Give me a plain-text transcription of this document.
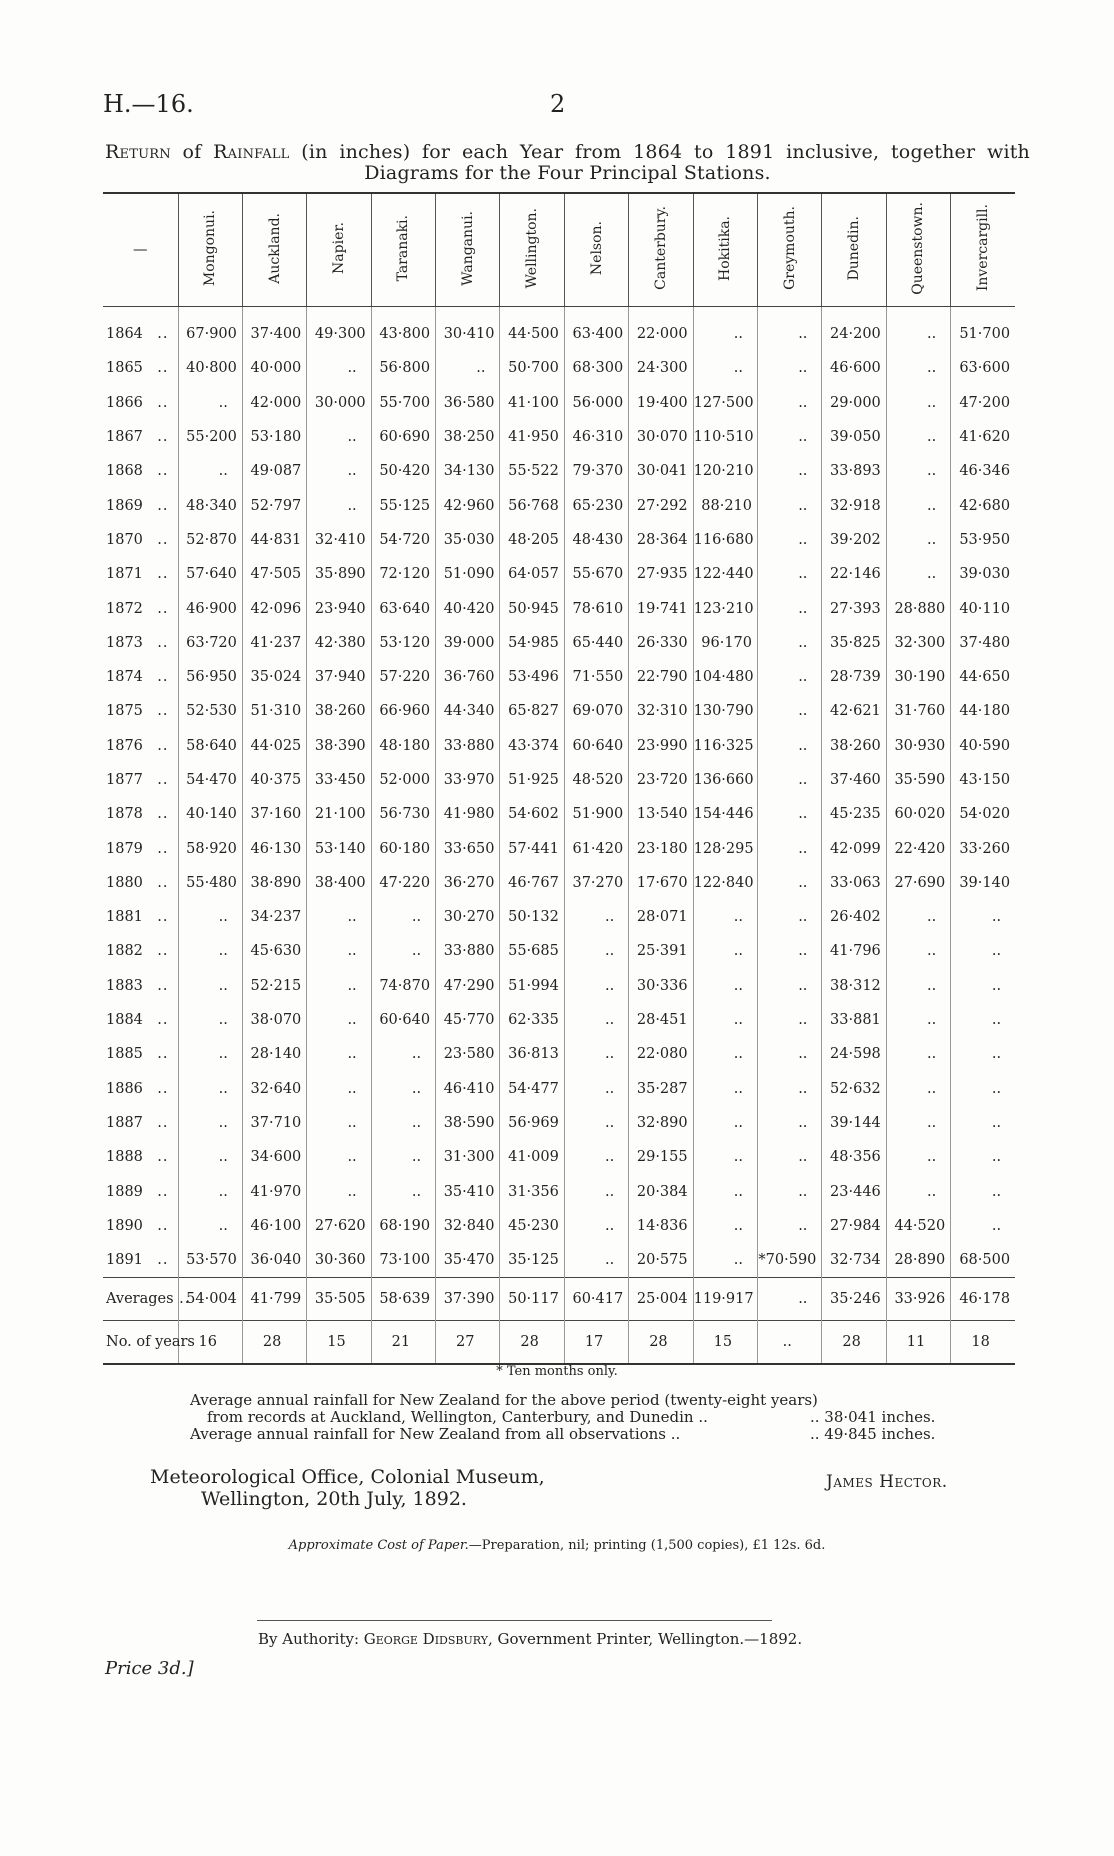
H.—16.	2
Return of Rainfall (in inches) for each Year from 1864 to 1891 inclusive, together with Diagrams for the Four Principal Stations.
—	Mongonui.	Auckland.	Napier.	Taranaki.	Wanganui.	Wellington.	Nelson.	Canterbury.	Hokitika.	Greymouth.	Dunedin.	Queenstown.	Invercargill.
1864 ..	67·900	37·400	49·300	43·800	30·410	44·500	63·400	22·000	..	..	24·200	..	51·700
1865 ..	40·800	40·000	..	56·800	..	50·700	68·300	24·300	..	..	46·600	..	63·600
1866 ..	..	42·000	30·000	55·700	36·580	41·100	56·000	19·400	127·500	..	29·000	..	47·200
1867 ..	55·200	53·180	..	60·690	38·250	41·950	46·310	30·070	110·510	..	39·050	..	41·620
1868 ..	..	49·087	..	50·420	34·130	55·522	79·370	30·041	120·210	..	33·893	..	46·346
1869 ..	48·340	52·797	..	55·125	42·960	56·768	65·230	27·292	88·210	..	32·918	..	42·680
1870 ..	52·870	44·831	32·410	54·720	35·030	48·205	48·430	28·364	116·680	..	39·202	..	53·950
1871 ..	57·640	47·505	35·890	72·120	51·090	64·057	55·670	27·935	122·440	..	22·146	..	39·030
1872 ..	46·900	42·096	23·940	63·640	40·420	50·945	78·610	19·741	123·210	..	27·393	28·880	40·110
1873 ..	63·720	41·237	42·380	53·120	39·000	54·985	65·440	26·330	96·170	..	35·825	32·300	37·480
1874 ..	56·950	35·024	37·940	57·220	36·760	53·496	71·550	22·790	104·480	..	28·739	30·190	44·650
1875 ..	52·530	51·310	38·260	66·960	44·340	65·827	69·070	32·310	130·790	..	42·621	31·760	44·180
1876 ..	58·640	44·025	38·390	48·180	33·880	43·374	60·640	23·990	116·325	..	38·260	30·930	40·590
1877 ..	54·470	40·375	33·450	52·000	33·970	51·925	48·520	23·720	136·660	..	37·460	35·590	43·150
1878 ..	40·140	37·160	21·100	56·730	41·980	54·602	51·900	13·540	154·446	..	45·235	60·020	54·020
1879 ..	58·920	46·130	53·140	60·180	33·650	57·441	61·420	23·180	128·295	..	42·099	22·420	33·260
1880 ..	55·480	38·890	38·400	47·220	36·270	46·767	37·270	17·670	122·840	..	33·063	27·690	39·140
1881 ..	..	34·237	..	..	30·270	50·132	..	28·071	..	..	26·402	..	..
1882 ..	..	45·630	..	..	33·880	55·685	..	25·391	..	..	41·796	..	..
1883 ..	..	52·215	..	74·870	47·290	51·994	..	30·336	..	..	38·312	..	..
1884 ..	..	38·070	..	60·640	45·770	62·335	..	28·451	..	..	33·881	..	..
1885 ..	..	28·140	..	..	23·580	36·813	..	22·080	..	..	24·598	..	..
1886 ..	..	32·640	..	..	46·410	54·477	..	35·287	..	..	52·632	..	..
1887 ..	..	37·710	..	..	38·590	56·969	..	32·890	..	..	39·144	..	..
1888 ..	..	34·600	..	..	31·300	41·009	..	29·155	..	..	48·356	..	..
1889 ..	..	41·970	..	..	35·410	31·356	..	20·384	..	..	23·446	..	..
1890 ..	..	46·100	27·620	68·190	32·840	45·230	..	14·836	..	..	27·984	44·520	..
1891 ..	53·570	36·040	30·360	73·100	35·470	35·125	..	20·575	..	*70·590	32·734	28·890	68·500
Averages ..	54·004	41·799	35·505	58·639	37·390	50·117	60·417	25·004	119·917	..	35·246	33·926	46·178
No. of years	16	28	15	21	27	28	17	28	15	..	28	11	18
* Ten months only.
Average annual rainfall for New Zealand for the above period (twenty-eight years)
from records at Auckland, Wellington, Canterbury, and Dunedin ..	.. 38·041 inches.
Average annual rainfall for New Zealand from all observations ..	.. 49·845 inches.
Meteorological Office, Colonial Museum,
Wellington, 20th July, 1892.
James Hector.
Approximate Cost of Paper.—Preparation, nil; printing (1,500 copies), £1 12s. 6d.
By Authority: George Didsbury, Government Printer, Wellington.—1892.
Price 3d.]
